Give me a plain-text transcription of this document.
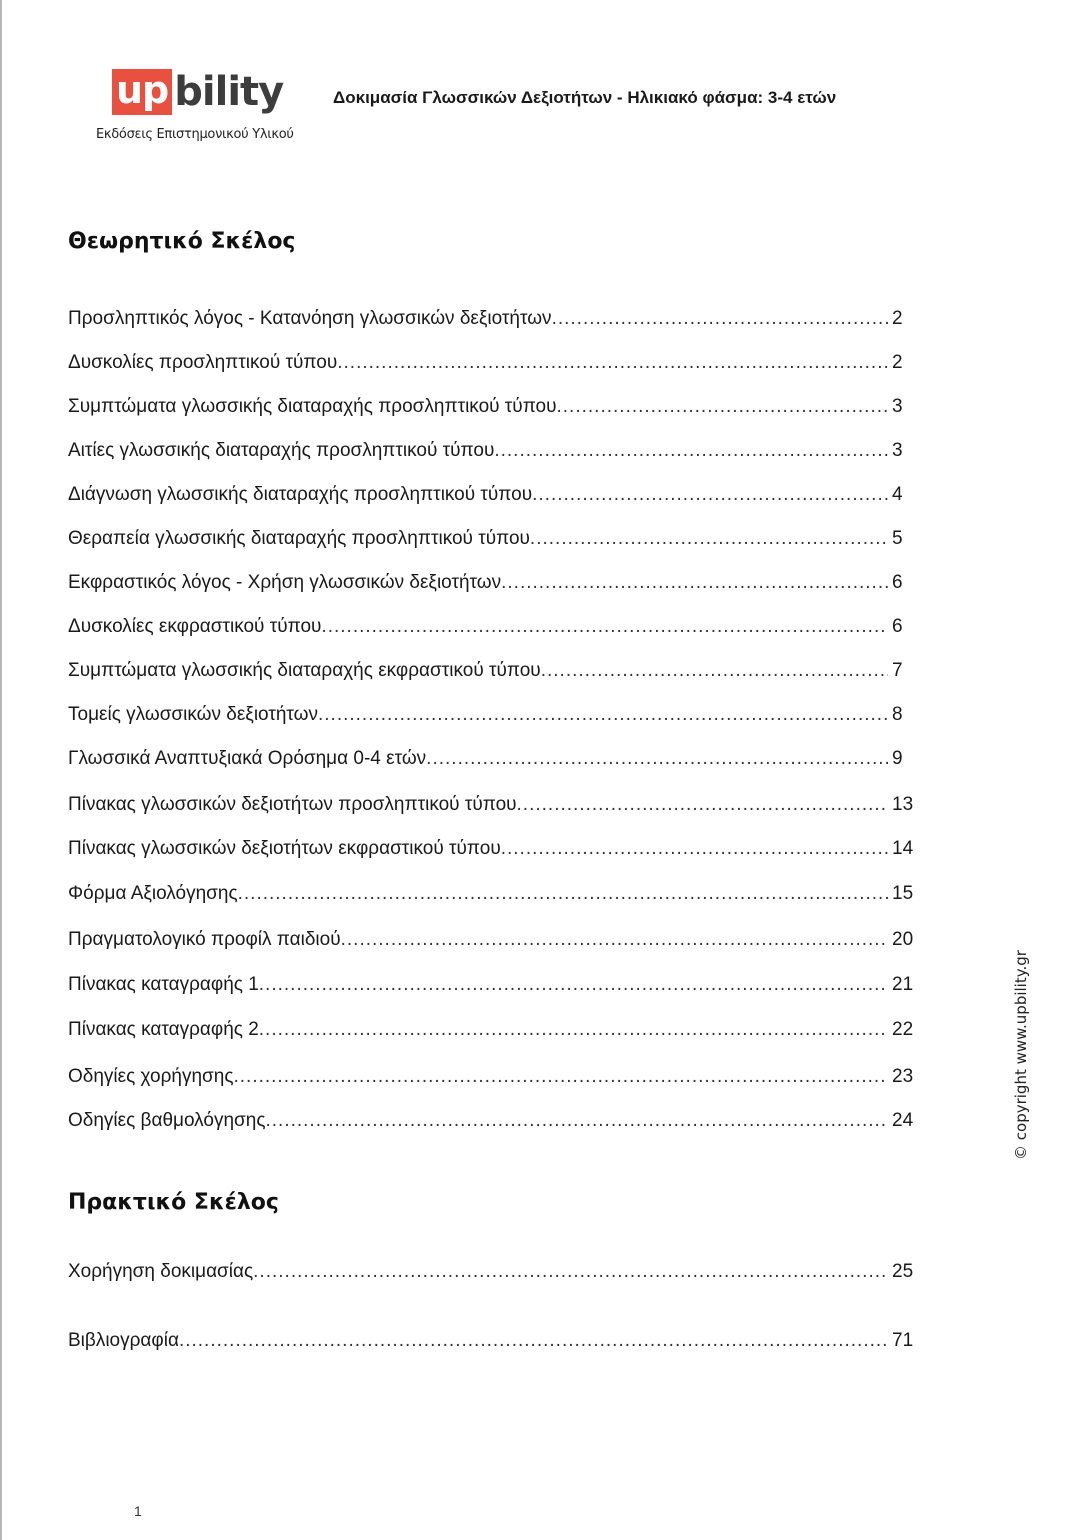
up bility
Εκδόσεις Επιστημονικού Υλικού
Δοκιμασία Γλωσσικών Δεξιοτήτων - Ηλικιακό φάσμα: 3-4 ετών
Θεωρητικό Σκέλος
Πρακτικό Σκέλος
© copyright www.upbility.gr
1
Προσληπτικός λόγος - Κατανόηση γλωσσικών δεξιοτήτων .....	2
Δυσκολίες προσληπτικού τύπου .....	2
Συμπτώματα γλωσσικής διαταραχής προσληπτικού τύπου .....	3
Αιτίες γλωσσικής διαταραχής προσληπτικού τύπου .....	3
Διάγνωση γλωσσικής διαταραχής προσληπτικού τύπου .....	4
Θεραπεία γλωσσικής διαταραχής προσληπτικού τύπου .....	5
Εκφραστικός λόγος - Χρήση γλωσσικών δεξιοτήτων .....	6
Δυσκολίες εκφραστικού τύπου .....	6
Συμπτώματα γλωσσικής διαταραχής εκφραστικού τύπου .....	7
Τομείς γλωσσικών δεξιοτήτων .....	8
Γλωσσικά Αναπτυξιακά Ορόσημα 0-4 ετών .....	9
Πίνακας γλωσσικών δεξιοτήτων προσληπτικού τύπου .....	13
Πίνακας γλωσσικών δεξιοτήτων εκφραστικού τύπου .....	14
Φόρμα Αξιολόγησης .....	15
Πραγματολογικό προφίλ παιδιού .....	20
Πίνακας καταγραφής 1 .....	21
Πίνακας καταγραφής 2 .....	22
Οδηγίες χορήγησης .....	23
Οδηγίες βαθμολόγησης .....	24
Χορήγηση δοκιμασίας .....	25
Βιβλιογραφία .....	71
